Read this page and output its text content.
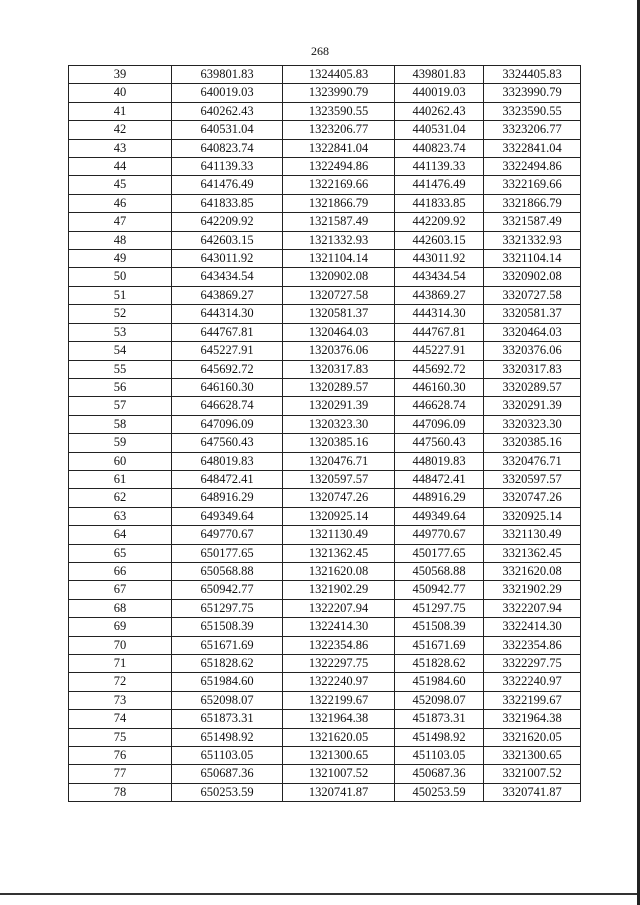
268
39	639801.83	1324405.83	439801.83	3324405.83
40	640019.03	1323990.79	440019.03	3323990.79
41	640262.43	1323590.55	440262.43	3323590.55
42	640531.04	1323206.77	440531.04	3323206.77
43	640823.74	1322841.04	440823.74	3322841.04
44	641139.33	1322494.86	441139.33	3322494.86
45	641476.49	1322169.66	441476.49	3322169.66
46	641833.85	1321866.79	441833.85	3321866.79
47	642209.92	1321587.49	442209.92	3321587.49
48	642603.15	1321332.93	442603.15	3321332.93
49	643011.92	1321104.14	443011.92	3321104.14
50	643434.54	1320902.08	443434.54	3320902.08
51	643869.27	1320727.58	443869.27	3320727.58
52	644314.30	1320581.37	444314.30	3320581.37
53	644767.81	1320464.03	444767.81	3320464.03
54	645227.91	1320376.06	445227.91	3320376.06
55	645692.72	1320317.83	445692.72	3320317.83
56	646160.30	1320289.57	446160.30	3320289.57
57	646628.74	1320291.39	446628.74	3320291.39
58	647096.09	1320323.30	447096.09	3320323.30
59	647560.43	1320385.16	447560.43	3320385.16
60	648019.83	1320476.71	448019.83	3320476.71
61	648472.41	1320597.57	448472.41	3320597.57
62	648916.29	1320747.26	448916.29	3320747.26
63	649349.64	1320925.14	449349.64	3320925.14
64	649770.67	1321130.49	449770.67	3321130.49
65	650177.65	1321362.45	450177.65	3321362.45
66	650568.88	1321620.08	450568.88	3321620.08
67	650942.77	1321902.29	450942.77	3321902.29
68	651297.75	1322207.94	451297.75	3322207.94
69	651508.39	1322414.30	451508.39	3322414.30
70	651671.69	1322354.86	451671.69	3322354.86
71	651828.62	1322297.75	451828.62	3322297.75
72	651984.60	1322240.97	451984.60	3322240.97
73	652098.07	1322199.67	452098.07	3322199.67
74	651873.31	1321964.38	451873.31	3321964.38
75	651498.92	1321620.05	451498.92	3321620.05
76	651103.05	1321300.65	451103.05	3321300.65
77	650687.36	1321007.52	450687.36	3321007.52
78	650253.59	1320741.87	450253.59	3320741.87
